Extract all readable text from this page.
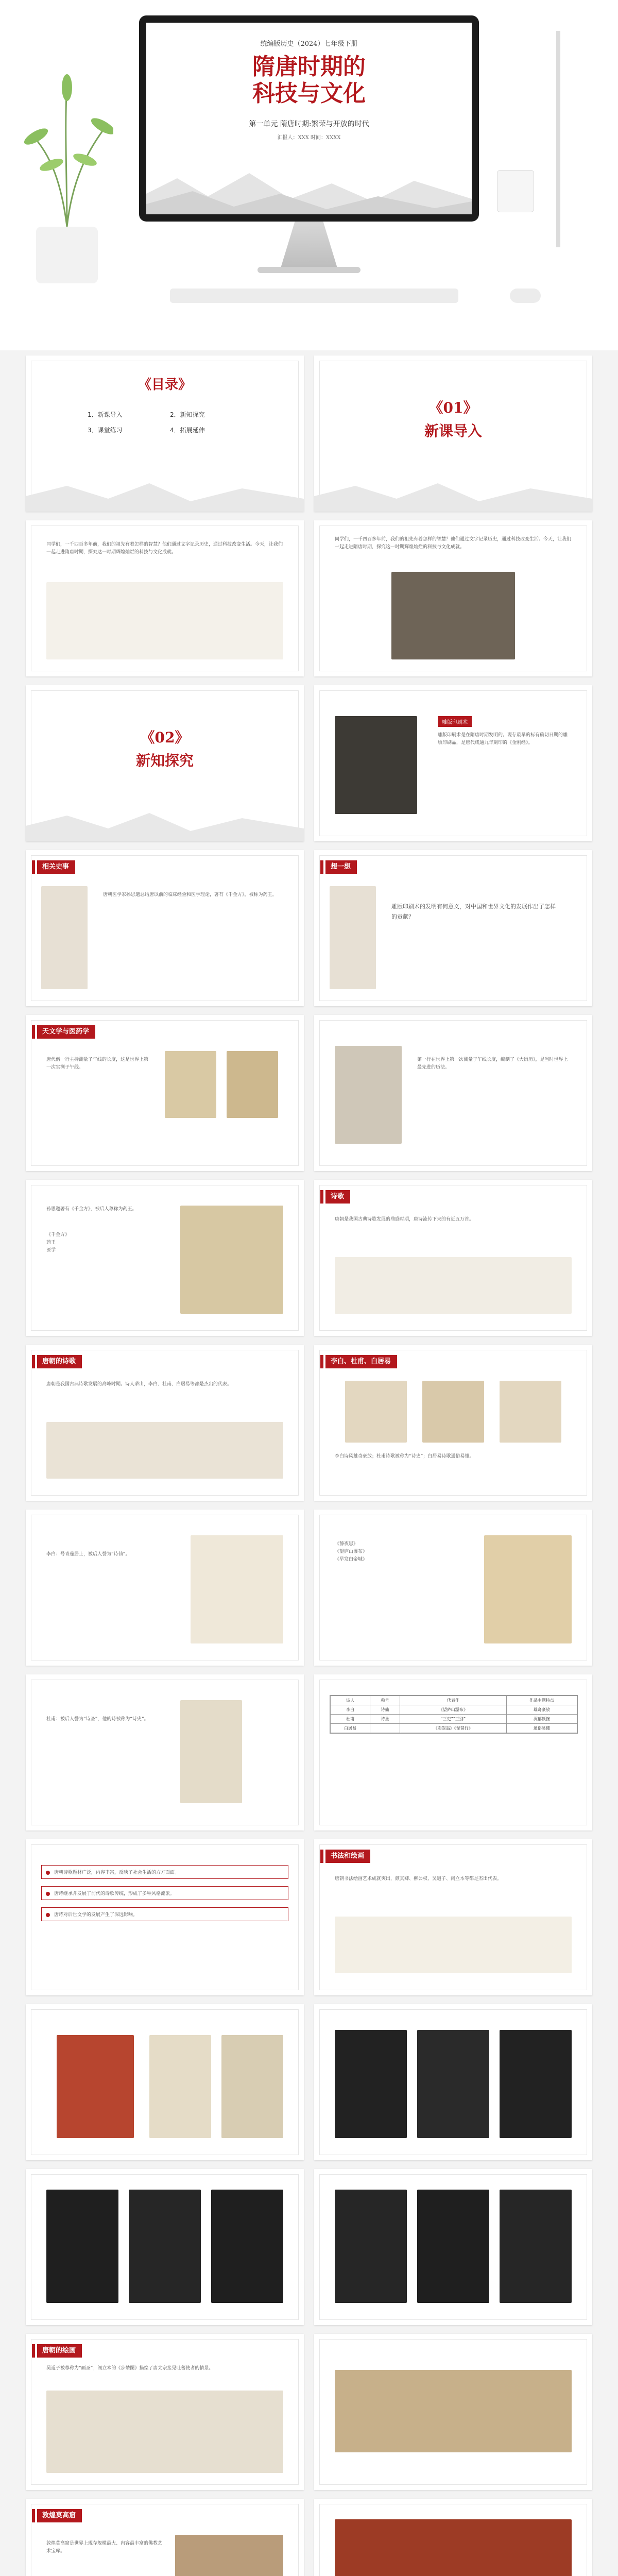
统编版历史（2024）七年级下册
隋唐时期的
科技与文化
第一单元 隋唐时期:繁荣与开放的时代
汇报人：XXX 时间：XXXX
《目录》
1．新课导入	2．新知探究
3．课堂练习	4．拓展延伸
《01》
新课导入
同学们，一千四百多年前，我们的祖先有着怎样的智慧？他们通过文字记录历史，通过科技改变生活。今天，让我们一起走进隋唐时期，探究这一时期辉煌灿烂的科技与文化成就。
同学们，一千四百多年前，我们的祖先有着怎样的智慧？他们通过文字记录历史，通过科技改变生活。今天，让我们一起走进隋唐时期，探究这一时期辉煌灿烂的科技与文化成就。
《02》
新知探究
雕版印刷术
雕版印刷术是在隋唐时期发明的。现存最早的标有确切日期的雕版印刷品，是唐代咸通九年刻印的《金刚经》。
相关史事
唐朝医学家孙思邈总结唐以前的临床经验和医学理论，著有《千金方》，被称为药王。
想一想
雕版印刷术的发明有何意义，对中国和世界文化的发展作出了怎样的贡献？
天文学与医药学
唐代僧一行主持测量子午线的长度，这是世界上第一次实测子午线。
第一行在世界上第一次测量子午线长度，编制了《大衍历》，是当时世界上最先进的历法。
孙思邈著有《千金方》，被后人尊称为药王。
《千金方》
药王
医学
诗歌
唐朝是我国古典诗歌发展的鼎盛时期，唐诗流传下来的有近五万首。
唐朝的诗歌
唐朝是我国古典诗歌发展的高峰时期。诗人辈出，李白、杜甫、白居易等都是杰出的代表。
李白、杜甫、白居易
李白诗风雄奇豪放；杜甫诗歌被称为“诗史”；白居易诗歌通俗易懂。
李白：号青莲居士，被后人誉为“诗仙”。
《静夜思》
《望庐山瀑布》
《早发白帝城》
杜甫：被后人誉为“诗圣”，他的诗被称为“诗史”。
诗人	称号	代表作	作品主题特点
李白	诗仙	《望庐山瀑布》	雄奇豪放
杜甫	诗圣	“三吏”“三别”	沉郁顿挫
白居易		《卖炭翁》《琵琶行》	通俗易懂
唐朝诗歌题材广泛，内容丰富，反映了社会生活的方方面面。
唐诗继承并发展了前代的诗歌传统，形成了多种风格流派。
唐诗对后世文学的发展产生了深远影响。
书法和绘画
唐朝书法绘画艺术成就突出，颜真卿、柳公权、吴道子、阎立本等都是杰出代表。
唐朝的绘画
吴道子被尊称为“画圣”；阎立本的《步辇图》描绘了唐太宗接见吐蕃使者的情景。
敦煌莫高窟
敦煌莫高窟是世界上现存规模最大、内容最丰富的佛教艺术宝库。
